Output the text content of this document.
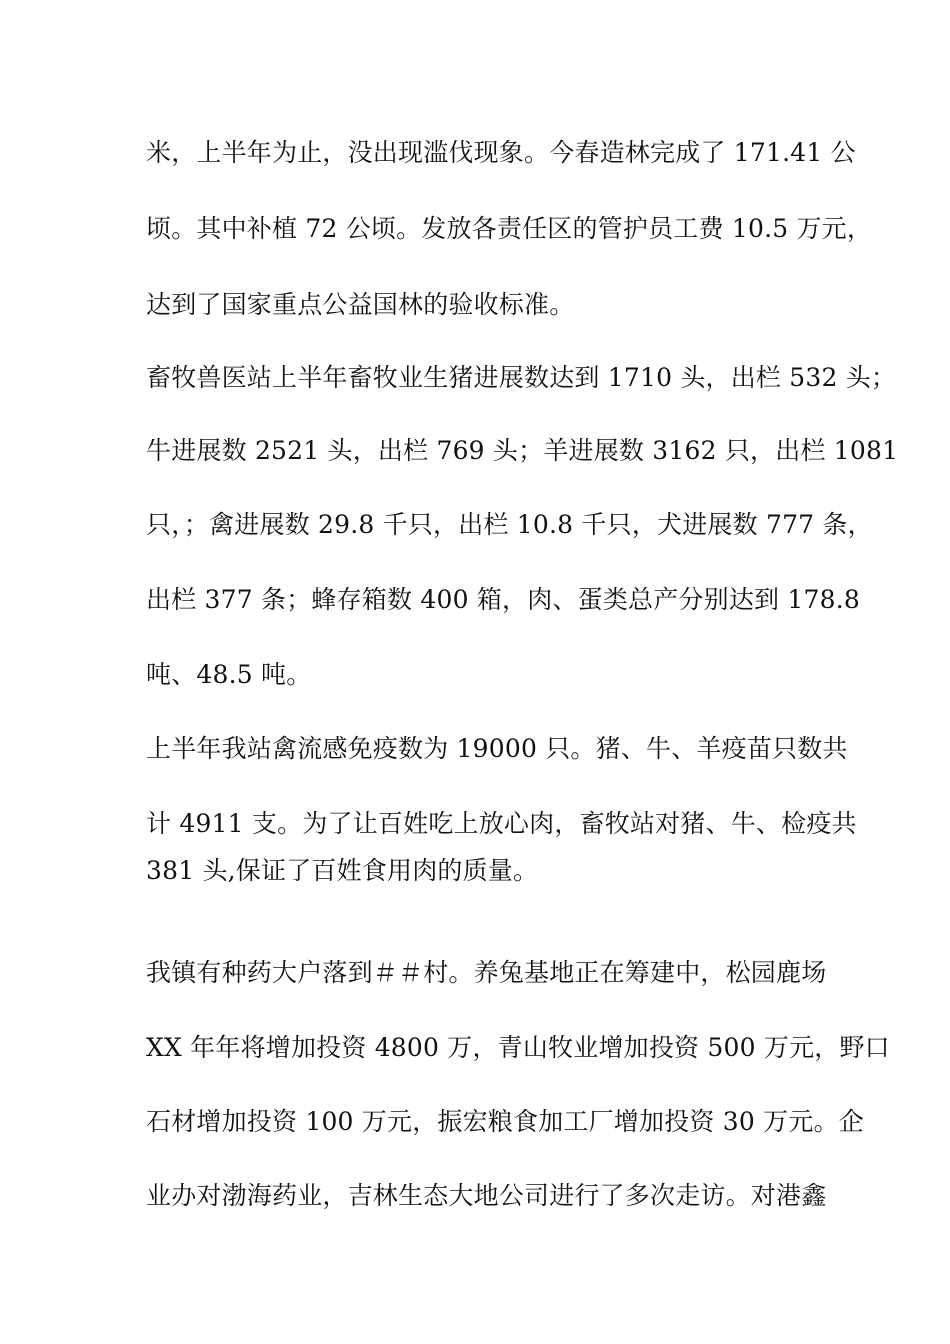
米，上半年为止，没出现滥伐现象。今春造林完成了 171.41 公
顷。其中补植 72 公顷。发放各责任区的管护员工费 10.5 万元，
达到了国家重点公益国林的验收标准。
畜牧兽医站上半年畜牧业生猪进展数达到 1710 头，出栏 532 头；
牛进展数 2521 头，出栏 769 头；羊进展数 3162 只，出栏 1081
只，；禽进展数 29.8 千只，出栏 10.8 千只，犬进展数 777 条，
出栏 377 条；蜂存箱数 400 箱，肉、蛋类总产分别达到 178.8
吨、48.5 吨。
上半年我站禽流感免疫数为 19000 只。猪、牛、羊疫苗只数共
计 4911 支。为了让百姓吃上放心肉，畜牧站对猪、牛、检疫共
381 头,保证了百姓食用肉的质量。
我镇有种药大户落到＃＃村。养兔基地正在筹建中，松园鹿场
XX 年年将增加投资 4800 万，青山牧业增加投资 500 万元，野口
石材增加投资 100 万元，振宏粮食加工厂增加投资 30 万元。企
业办对渤海药业，吉林生态大地公司进行了多次走访。对港鑫
